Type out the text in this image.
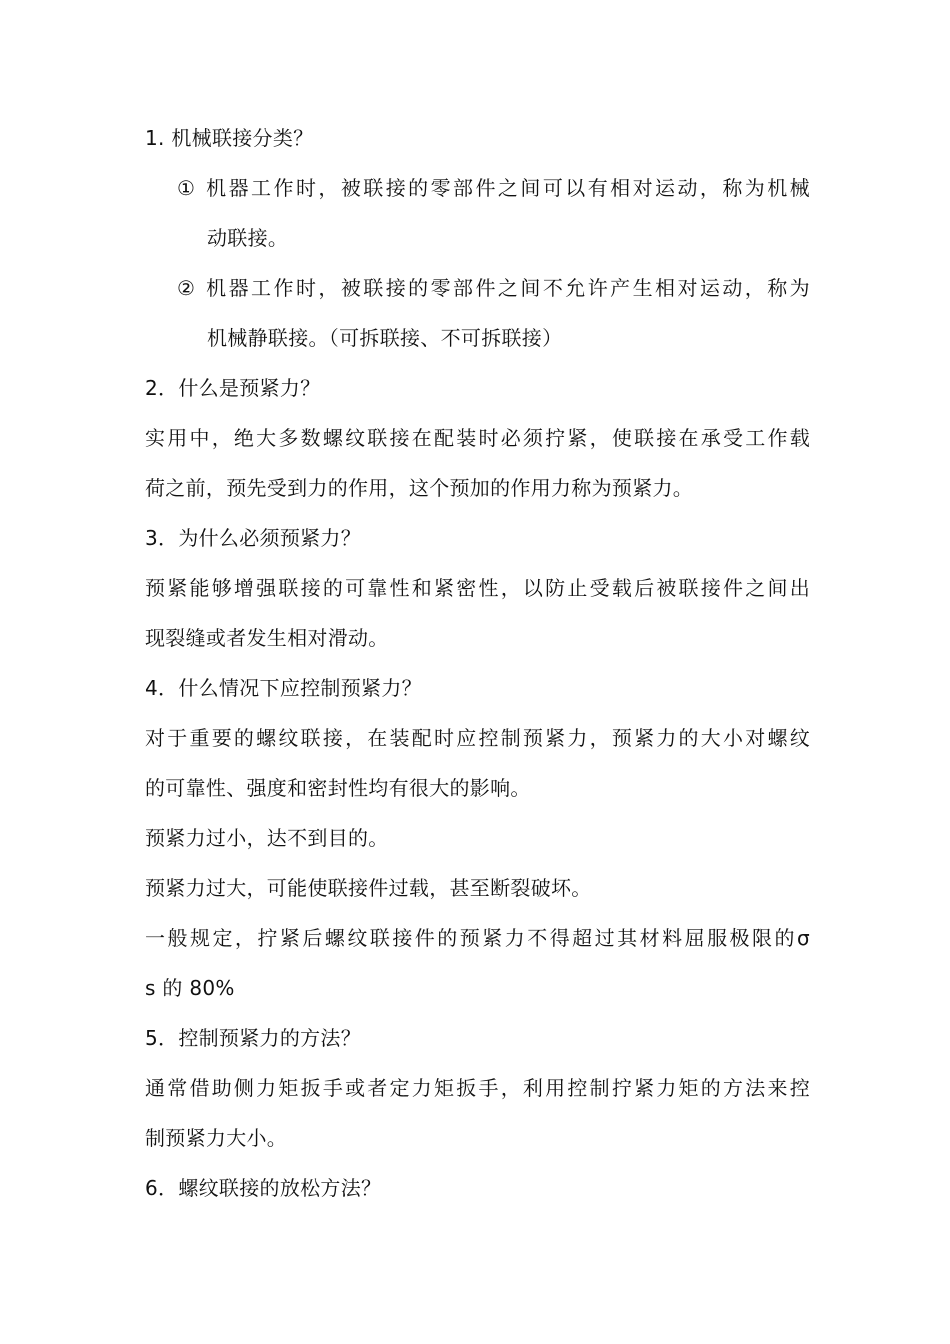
1. 机械联接分类？
① 机器工作时，被联接的零部件之间可以有相对运动，称为机械
动联接。
② 机器工作时，被联接的零部件之间不允许产生相对运动，称为
机械静联接。（可拆联接、不可拆联接）
2．什么是预紧力？
实用中，绝大多数螺纹联接在配装时必须拧紧，使联接在承受工作载
荷之前，预先受到力的作用，这个预加的作用力称为预紧力。
3．为什么必须预紧力？
预紧能够增强联接的可靠性和紧密性，以防止受载后被联接件之间出
现裂缝或者发生相对滑动。
4．什么情况下应控制预紧力？
对于重要的螺纹联接，在装配时应控制预紧力，预紧力的大小对螺纹
的可靠性、强度和密封性均有很大的影响。
预紧力过小，达不到目的。
预紧力过大，可能使联接件过载，甚至断裂破坏。
一般规定，拧紧后螺纹联接件的预紧力不得超过其材料屈服极限的σ
s 的 80%
5．控制预紧力的方法？
通常借助侧力矩扳手或者定力矩扳手，利用控制拧紧力矩的方法来控
制预紧力大小。
6．螺纹联接的放松方法？
